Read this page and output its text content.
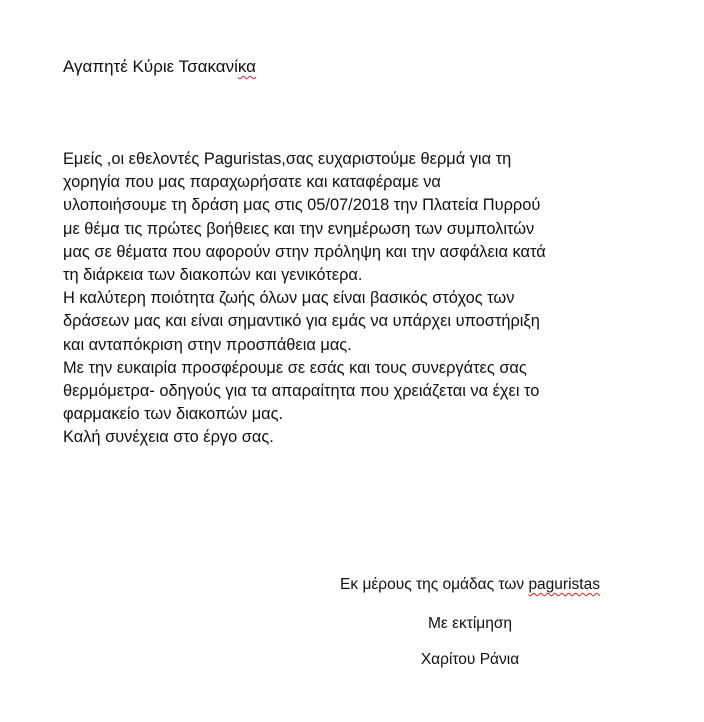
Αγαπητέ Κύριε Τσακανίκα
Εμείς ,οι εθελοντές Paguristas,σας ευχαριστούμε θερμά για τη
χορηγία που μας παραχωρήσατε και καταφέραμε να
υλοποιήσουμε τη δράση μας στις 05/07/2018 την Πλατεία Πυρρού
με θέμα τις πρώτες βοήθειες και την ενημέρωση των συμπολιτών
μας σε θέματα που αφορούν στην πρόληψη και την ασφάλεια κατά
τη διάρκεια των διακοπών και γενικότερα.
Η καλύτερη ποιότητα ζωής όλων μας είναι βασικός στόχος των
δράσεων μας και είναι σημαντικό για εμάς να υπάρχει υποστήριξη
και ανταπόκριση στην προσπάθεια μας.
Με την ευκαιρία προσφέρουμε σε εσάς και τους συνεργάτες σας
θερμόμετρα- οδηγούς για τα απαραίτητα που χρειάζεται να έχει το
φαρμακείο των διακοπών μας.
Καλή συνέχεια στο έργο σας.
Εκ μέρους της ομάδας των paguristas
Με εκτίμηση
Χαρίτου Ράνια
